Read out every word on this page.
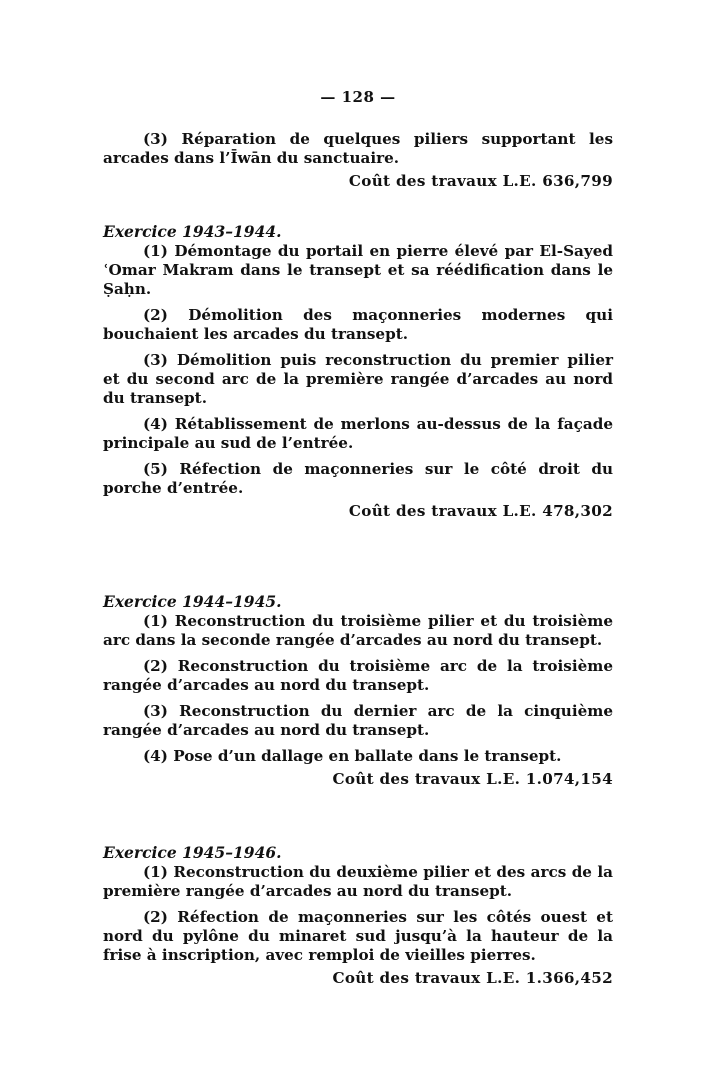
— 128 —

(3) Réparation de quelques piliers supportant les arcades dans l’Īwān du sanctuaire.

Coût des travaux L.E. 636,799

Exercice 1943–1944.

(1) Démontage du portail en pierre élevé par El-Sayed ʿOmar Makram dans le transept et sa réédification dans le Ṣaḥn.

(2) Démolition des maçonneries modernes qui bouchaient les arcades du transept.

(3) Démolition puis reconstruction du premier pilier et du second arc de la première rangée d’arcades au nord du transept.

(4) Rétablissement de merlons au-dessus de la façade principale au sud de l’entrée.

(5) Réfection de maçonneries sur le côté droit du porche d’entrée.

Coût des travaux L.E. 478,302

Exercice 1944–1945.

(1) Reconstruction du troisième pilier et du troisième arc dans la seconde rangée d’arcades au nord du transept.

(2) Reconstruction du troisième arc de la troisième rangée d’arcades au nord du transept.

(3) Reconstruction du dernier arc de la cinquième rangée d’arcades au nord du transept.

(4) Pose d’un dallage en ballate dans le transept.

Coût des travaux L.E. 1.074,154

Exercice 1945–1946.

(1) Reconstruction du deuxième pilier et des arcs de la première rangée d’arcades au nord du transept.

(2) Réfection de maçonneries sur les côtés ouest et nord du pylône du minaret sud jusqu’à la hauteur de la frise à inscription, avec remploi de vieilles pierres.

Coût des travaux L.E. 1.366,452
